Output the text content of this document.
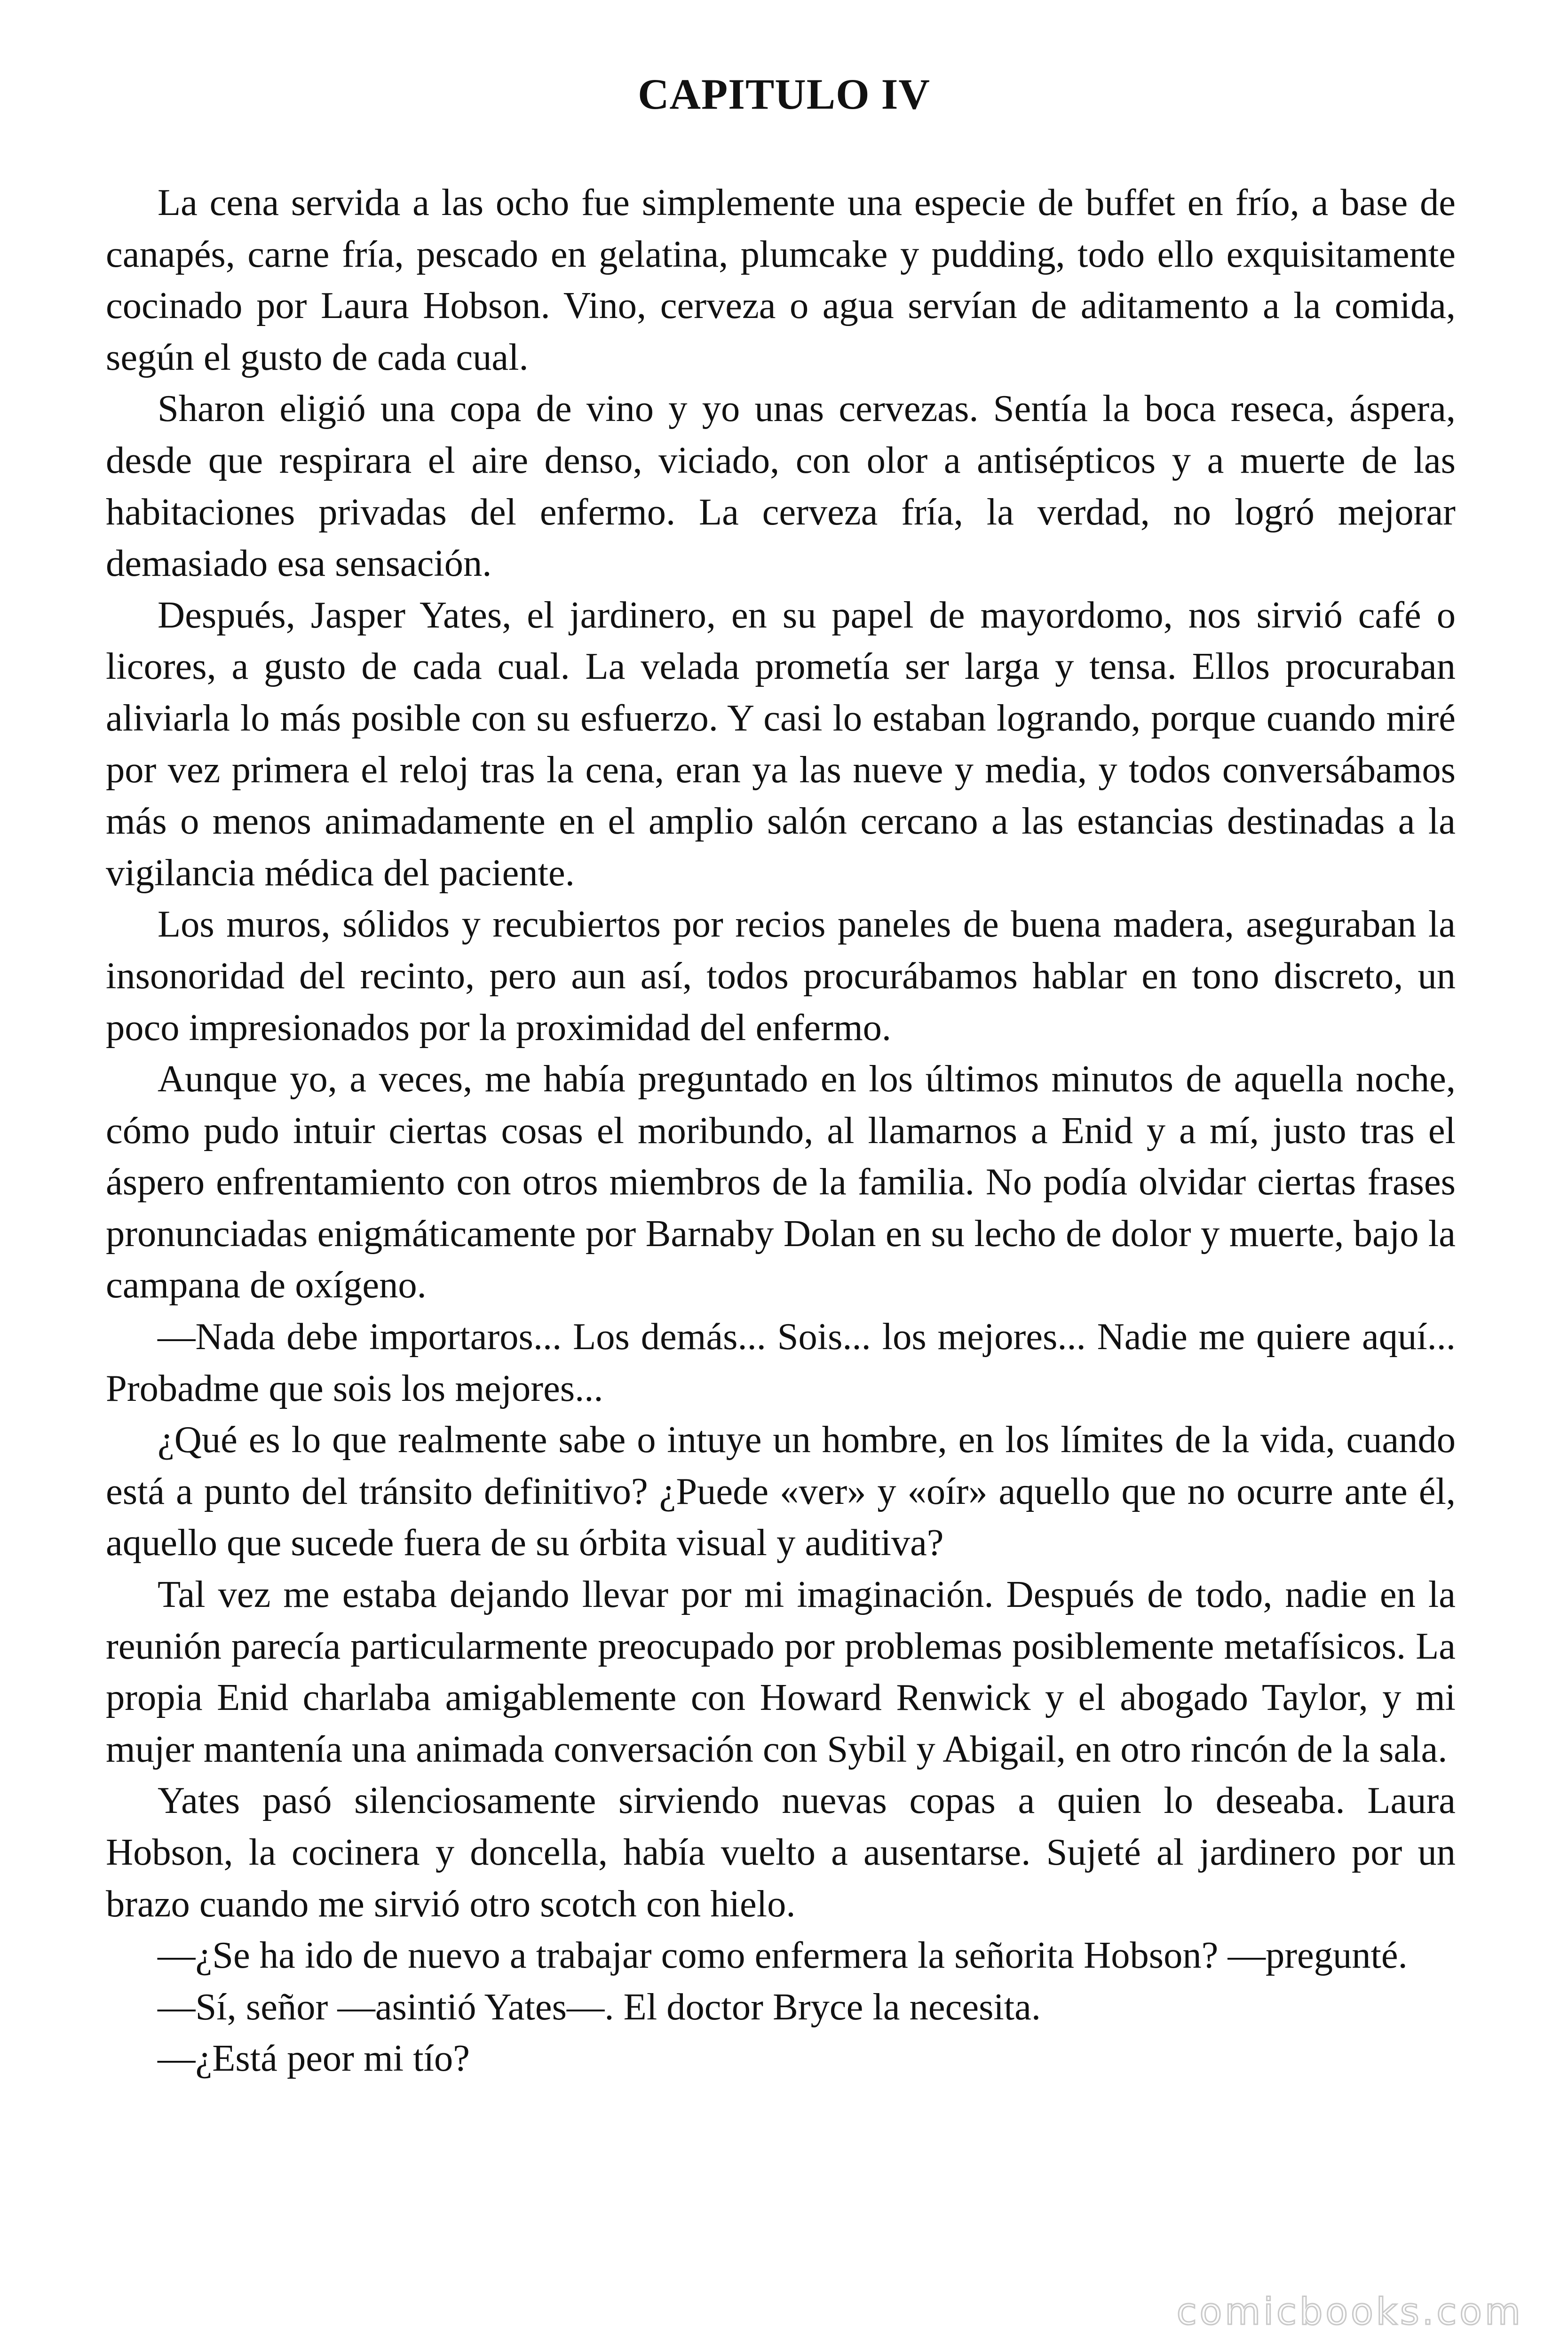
CAPITULO IV

La cena servida a las ocho fue simplemente una especie de buffet en frío, a base de canapés, carne fría, pescado en gelatina, plumcake y pudding, todo ello exquisitamente cocinado por Laura Hobson. Vino, cerveza o agua servían de aditamento a la comida, según el gusto de cada cual.

Sharon eligió una copa de vino y yo unas cervezas. Sentía la boca reseca, áspera, desde que respirara el aire denso, viciado, con olor a antisépticos y a muerte de las habitaciones privadas del enfermo. La cerveza fría, la verdad, no logró mejorar demasiado esa sensación.

Después, Jasper Yates, el jardinero, en su papel de mayordomo, nos sirvió café o licores, a gusto de cada cual. La velada prometía ser larga y tensa. Ellos procuraban aliviarla lo más posible con su esfuerzo. Y casi lo estaban logrando, porque cuando miré por vez primera el reloj tras la cena, eran ya las nueve y media, y todos conversábamos más o menos animadamente en el amplio salón cercano a las estancias destinadas a la vigilancia médica del paciente.

Los muros, sólidos y recubiertos por recios paneles de buena madera, aseguraban la insonoridad del recinto, pero aun así, todos procurábamos hablar en tono discreto, un poco impresionados por la proximidad del enfermo.

Aunque yo, a veces, me había preguntado en los últimos minutos de aquella noche, cómo pudo intuir ciertas cosas el moribundo, al llamarnos a Enid y a mí, justo tras el áspero enfrentamiento con otros miembros de la familia. No podía olvidar ciertas frases pronunciadas enigmáticamente por Barnaby Dolan en su lecho de dolor y muerte, bajo la campana de oxígeno.

—Nada debe importaros... Los demás... Sois... los mejores... Nadie me quiere aquí... Probadme que sois los mejores...

¿Qué es lo que realmente sabe o intuye un hombre, en los límites de la vida, cuando está a punto del tránsito definitivo? ¿Puede «ver» y «oír» aquello que no ocurre ante él, aquello que sucede fuera de su órbita visual y auditiva?

Tal vez me estaba dejando llevar por mi imaginación. Después de todo, nadie en la reunión parecía particularmente preocupado por problemas posiblemente metafísicos. La propia Enid charlaba amigablemente con Howard Renwick y el abogado Taylor, y mi mujer mantenía una animada conversación con Sybil y Abigail, en otro rincón de la sala.

Yates pasó silenciosamente sirviendo nuevas copas a quien lo deseaba. Laura Hobson, la cocinera y doncella, había vuelto a ausentarse. Sujeté al jardinero por un brazo cuando me sirvió otro scotch con hielo.

—¿Se ha ido de nuevo a trabajar como enfermera la señorita Hobson? —pregunté.

—Sí, señor —asintió Yates—. El doctor Bryce la necesita.

—¿Está peor mi tío?

comicbooks.com
